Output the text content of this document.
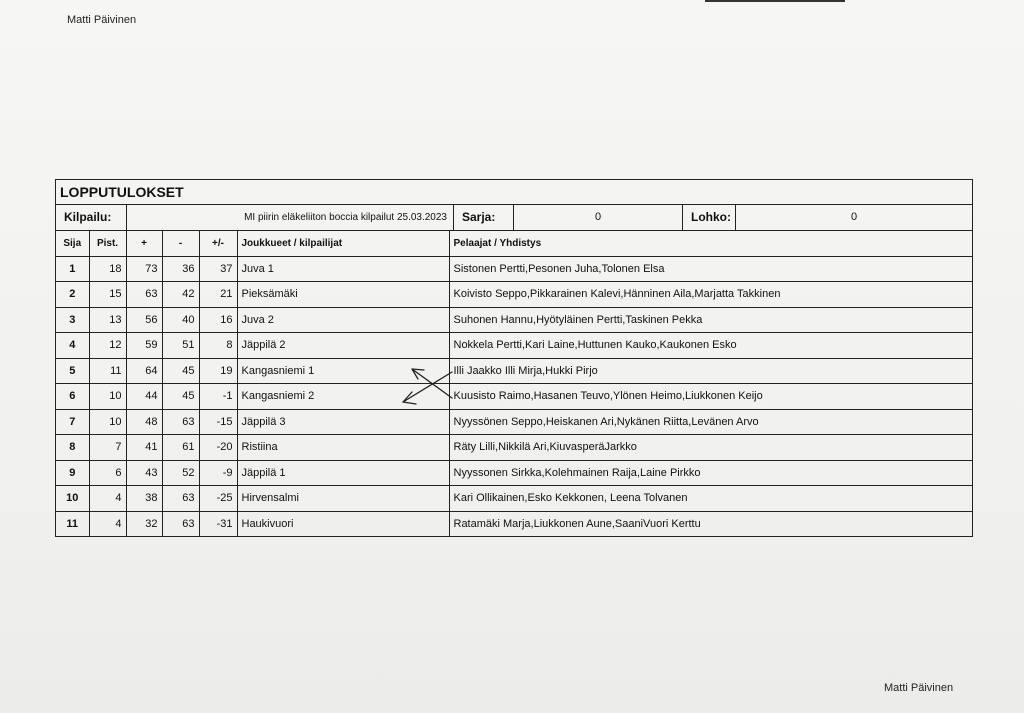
Matti Päivinen
LOPPUTULOKSET
Kilpailu:	MI piirin eläkeliiton boccia kilpailut 25.03.2023	Sarja:	0	Lohko:	0
Sija	Pist.	+	-	+/-	Joukkueet / kilpailijat	Pelaajat / Yhdistys
1	18	73	36	37	Juva 1	Sistonen Pertti,Pesonen Juha,Tolonen Elsa
2	15	63	42	21	Pieksämäki	Koivisto Seppo,Pikkarainen Kalevi,Hänninen Aila,Marjatta Takkinen
3	13	56	40	16	Juva 2	Suhonen Hannu,Hyötyläinen Pertti,Taskinen Pekka
4	12	59	51	8	Jäppilä 2	Nokkela Pertti,Kari Laine,Huttunen Kauko,Kaukonen Esko
5	11	64	45	19	Kangasniemi 1	Illi Jaakko Illi Mirja,Hukki Pirjo
6	10	44	45	-1	Kangasniemi 2	Kuusisto Raimo,Hasanen Teuvo,Ylönen Heimo,Liukkonen Keijo
7	10	48	63	-15	Jäppilä 3	Nyyssönen Seppo,Heiskanen Ari,Nykänen Riitta,Levänen Arvo
8	7	41	61	-20	Ristiina	Räty Lilli,Nikkilä Ari,KiuvasperäJarkko
9	6	43	52	-9	Jäppilä 1	Nyyssonen Sirkka,Kolehmainen Raija,Laine Pirkko
10	4	38	63	-25	Hirvensalmi	Kari Ollikainen,Esko Kekkonen, Leena Tolvanen
11	4	32	63	-31	Haukivuori	Ratamäki Marja,Liukkonen Aune,SaaniVuori Kerttu
Matti Päivinen
